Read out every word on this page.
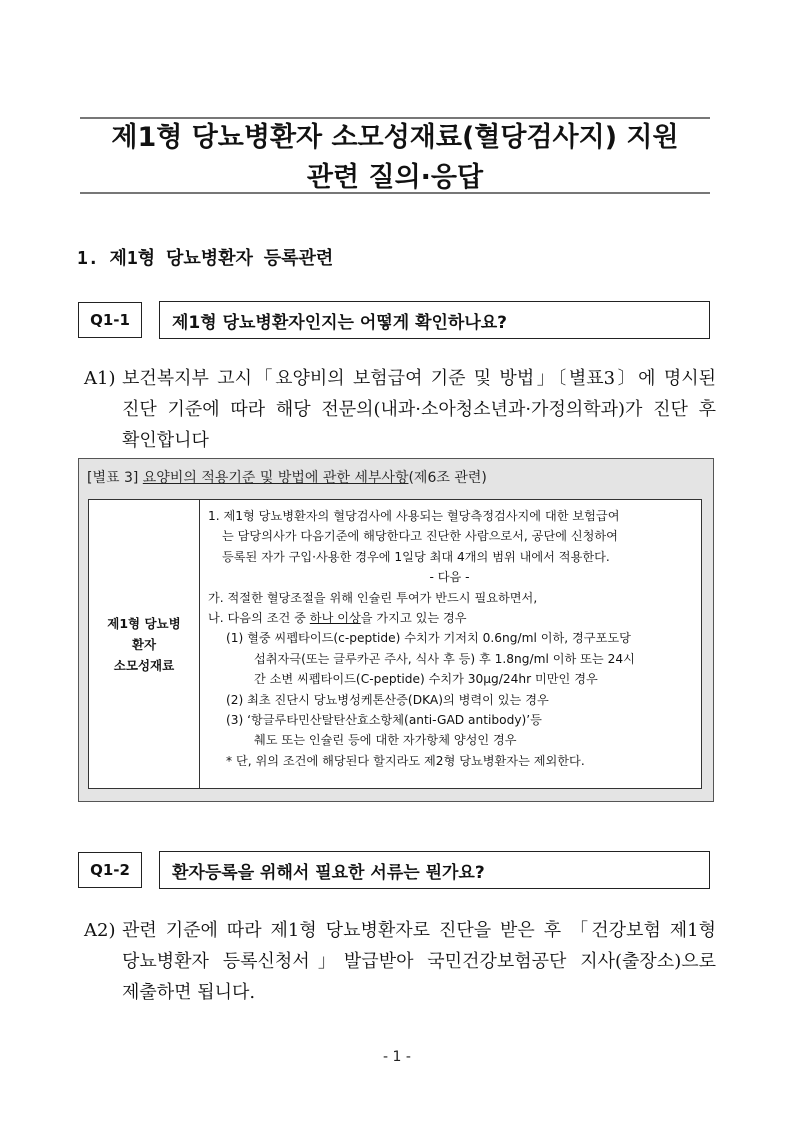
제1형 당뇨병환자 소모성재료(혈당검사지) 지원
관련 질의·응답
1. 제1형 당뇨병환자 등록관련
Q1-1	제1형 당뇨병환자인지는 어떻게 확인하나요?
A1) 보건복지부 고시「요양비의 보험급여 기준 및 방법」〔별표3〕에 명시된 진단 기준에 따라 해당 전문의(내과·소아청소년과·가정의학과)가 진단 후 확인합니다
[별표 3] 요양비의 적용기준 및 방법에 관한 세부사항(제6조 관련)
제1형 당뇨병
환자
소모성재료
1. 제1형 당뇨병환자의 혈당검사에 사용되는 혈당측정검사지에 대한 보험급여
는 담당의사가 다음기준에 해당한다고 진단한 사람으로서, 공단에 신청하여
등록된 자가 구입·사용한 경우에 1일당 최대 4개의 범위 내에서 적용한다.
- 다음 -
가. 적절한 혈당조절을 위해 인슐린 투여가 반드시 필요하면서,
나. 다음의 조건 중 하나 이상을 가지고 있는 경우
(1) 혈중 씨펩타이드(c-peptide) 수치가 기저치 0.6ng/ml 이하, 경구포도당
섭취자극(또는 글루카곤 주사, 식사 후 등) 후 1.8ng/ml 이하 또는 24시
간 소변 씨펩타이드(C-peptide) 수치가 30μg/24hr 미만인 경우
(2) 최초 진단시 당뇨병성케톤산증(DKA)의 병력이 있는 경우
(3) ‘항글루타민산탈탄산효소항체(anti-GAD antibody)’등
췌도 또는 인슐린 등에 대한 자가항체 양성인 경우
* 단, 위의 조건에 해당된다 할지라도 제2형 당뇨병환자는 제외한다.
Q1-2	환자등록을 위해서 필요한 서류는 뭔가요?
A2) 관련 기준에 따라 제1형 당뇨병환자로 진단을 받은 후 「건강보험 제1형 당뇨병환자 등록신청서」발급받아 국민건강보험공단 지사(출장소)으로 제출하면 됩니다.
- 1 -
